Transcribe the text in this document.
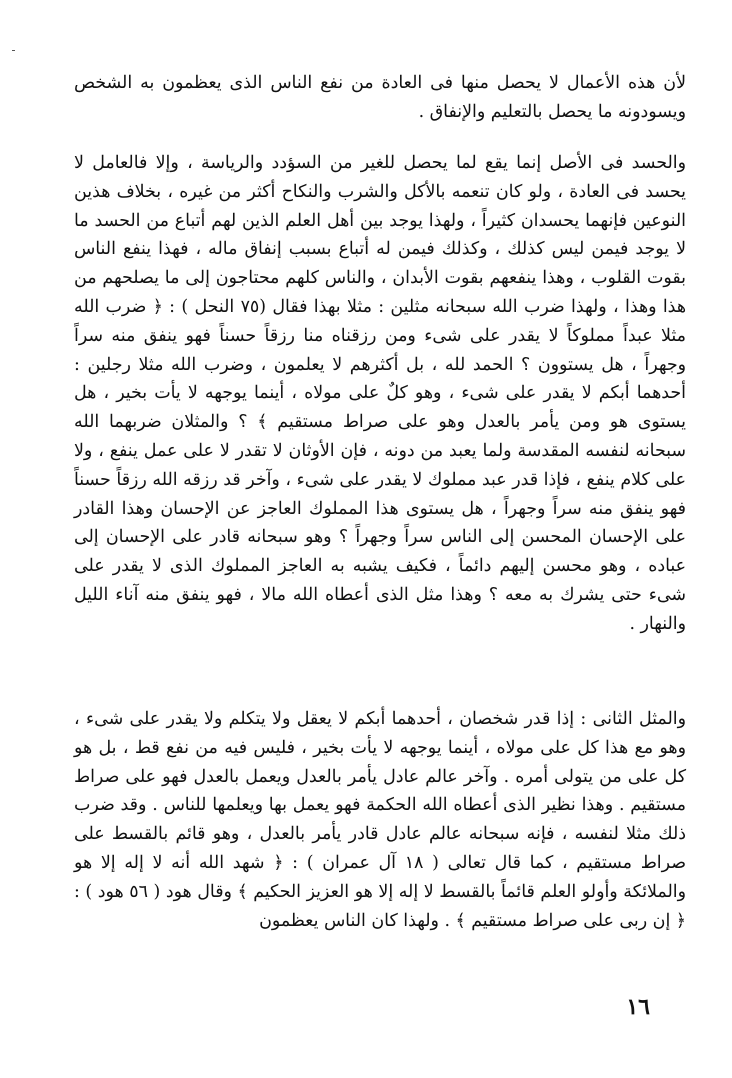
لأن هذه الأعمال لا يحصل منها فى العادة من نفع الناس الذى يعظمون به الشخص ويسودونه ما يحصل بالتعليم والإنفاق .

والحسد فى الأصل إنما يقع لما يحصل للغير من السؤدد والرياسة ، وإلا فالعامل لا يحسد فى العادة ، ولو كان تنعمه بالأكل والشرب والنكاح أكثر من غيره ، بخلاف هذين النوعين فإنهما يحسدان كثيراً ، ولهذا يوجد بين أهل العلم الذين لهم أتباع من الحسد ما لا يوجد فيمن ليس كذلك ، وكذلك فيمن له أتباع بسبب إنفاق ماله ، فهذا ينفع الناس بقوت القلوب ، وهذا ينفعهم بقوت الأبدان ، والناس كلهم محتاجون إلى ما يصلحهم من هذا وهذا ، ولهذا ضرب الله سبحانه مثلين : مثلا بهذا فقال (٧٥ النحل ) : ﴿ ضرب الله مثلا عبداً مملوكاً لا يقدر على شىء ومن رزقناه منا رزقاً حسناً فهو ينفق منه سراً وجهراً ، هل يستوون ؟ الحمد لله ، بل أكثرهم لا يعلمون ، وضرب الله مثلا رجلين : أحدهما أبكم لا يقدر على شىء ، وهو كلٌ على مولاه ، أينما يوجهه لا يأت بخير ، هل يستوى هو ومن يأمر بالعدل وهو على صراط مستقيم ﴾ ؟ والمثلان ضربهما الله سبحانه لنفسه المقدسة ولما يعبد من دونه ، فإن الأوثان لا تقدر لا على عمل ينفع ، ولا على كلام ينفع ، فإذا قدر عبد مملوك لا يقدر على شىء ، وآخر قد رزقه الله رزقاً حسناً فهو ينفق منه سراً وجهراً ، هل يستوى هذا المملوك العاجز عن الإحسان وهذا القادر على الإحسان المحسن إلى الناس سراً وجهراً ؟ وهو سبحانه قادر على الإحسان إلى عباده ، وهو محسن إليهم دائماً ، فكيف يشبه به العاجز المملوك الذى لا يقدر على شىء حتى يشرك به معه ؟ وهذا مثل الذى أعطاه الله مالا ، فهو ينفق منه آناء الليل والنهار .

والمثل الثانى : إذا قدر شخصان ، أحدهما أبكم لا يعقل ولا يتكلم ولا يقدر على شىء ، وهو مع هذا كل على مولاه ، أينما يوجهه لا يأت بخير ، فليس فيه من نفع قط ، بل هو كل على من يتولى أمره . وآخر عالم عادل يأمر بالعدل ويعمل بالعدل فهو على صراط مستقيم . وهذا نظير الذى أعطاه الله الحكمة فهو يعمل بها ويعلمها للناس . وقد ضرب ذلك مثلا لنفسه ، فإنه سبحانه عالم عادل قادر يأمر بالعدل ، وهو قائم بالقسط على صراط مستقيم ، كما قال تعالى ( ١٨ آل عمران ) : ﴿ شهد الله أنه لا إله إلا هو والملائكة وأولو العلم قائماً بالقسط لا إله إلا هو العزيز الحكيم ﴾ وقال هود ( ٥٦ هود ) : ﴿ إن ربى على صراط مستقيم ﴾ . ولهذا كان الناس يعظمون

١٦
